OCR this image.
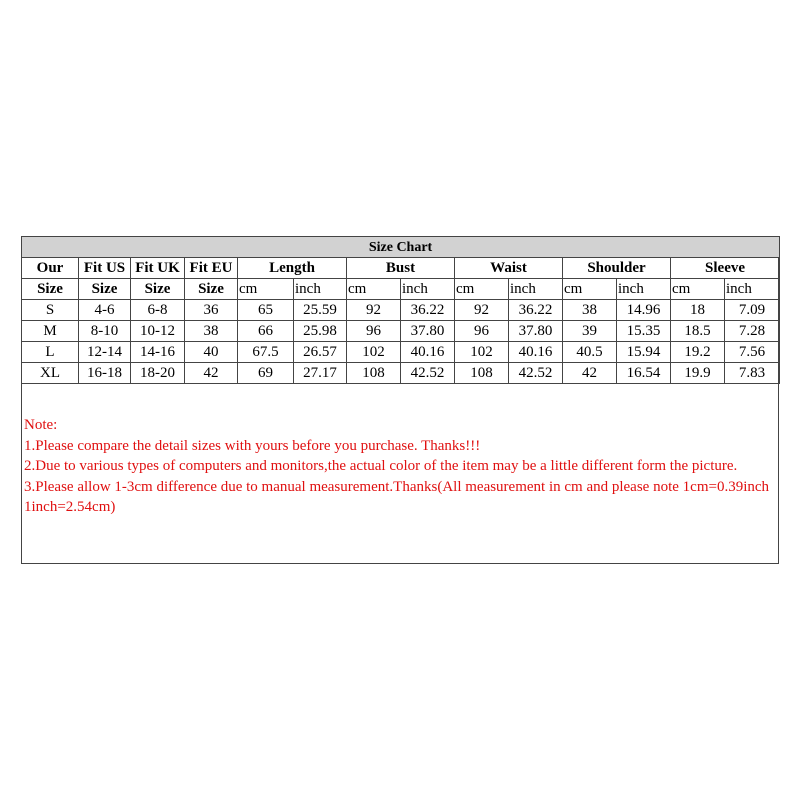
Size Chart													
Our	Fit US	Fit UK	Fit EU	Length		Bust		Waist		Shoulder		Sleeve	
Size	Size	Size	Size	cm	inch	cm	inch	cm	inch	cm	inch	cm	inch
S	4-6	6-8	36	65	25.59	92	36.22	92	36.22	38	14.96	18	7.09
M	8-10	10-12	38	66	25.98	96	37.80	96	37.80	39	15.35	18.5	7.28
L	12-14	14-16	40	67.5	26.57	102	40.16	102	40.16	40.5	15.94	19.2	7.56
XL	16-18	18-20	42	69	27.17	108	42.52	108	42.52	42	16.54	19.9	7.83

Note:

1.Please compare the detail sizes with yours before you purchase. Thanks!!!

2.Due to various types of computers and monitors,the actual color of the item may be a little different form the picture.

3.Please allow 1-3cm difference due to manual measurement.Thanks(All measurement in cm and please note 1cm=0.39inch 1inch=2.54cm)
